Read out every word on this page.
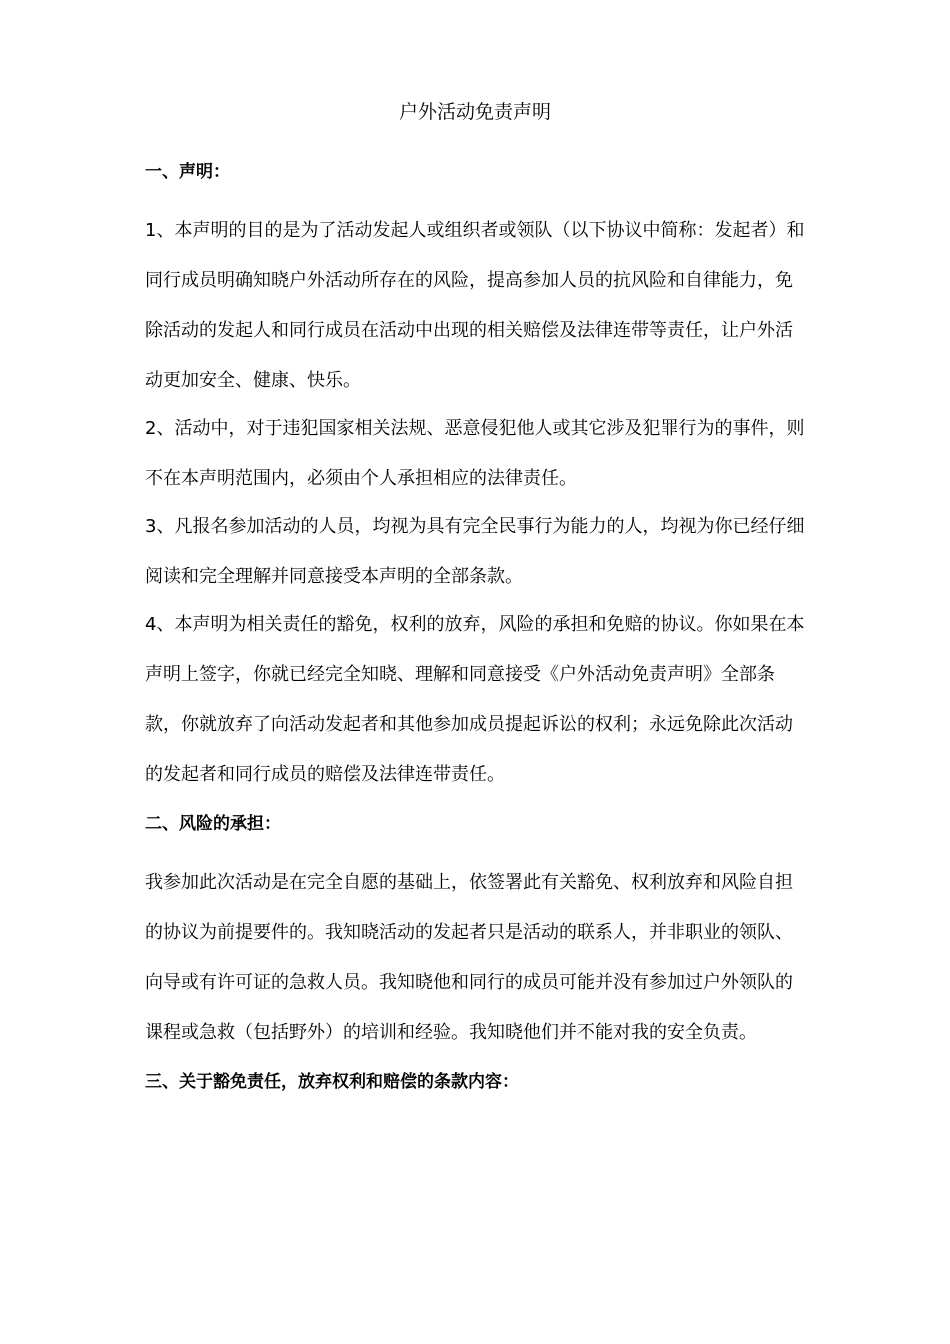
户外活动免责声明
一、声明：

1、本声明的目的是为了活动发起人或组织者或领队（以下协议中简称：发起者）和同行成员明确知晓户外活动所存在的风险，提高参加人员的抗风险和自律能力，免除活动的发起人和同行成员在活动中出现的相关赔偿及法律连带等责任，让户外活动更加安全、健康、快乐。

2、活动中，对于违犯国家相关法规、恶意侵犯他人或其它涉及犯罪行为的事件，则不在本声明范围内，必须由个人承担相应的法律责任。

3、凡报名参加活动的人员，均视为具有完全民事行为能力的人，均视为你已经仔细阅读和完全理解并同意接受本声明的全部条款。

4、本声明为相关责任的豁免，权利的放弃，风险的承担和免赔的协议。你如果在本声明上签字，你就已经完全知晓、理解和同意接受《户外活动免责声明》全部条款，你就放弃了向活动发起者和其他参加成员提起诉讼的权利；永远免除此次活动的发起者和同行成员的赔偿及法律连带责任。

二、风险的承担：

我参加此次活动是在完全自愿的基础上，依签署此有关豁免、权利放弃和风险自担的协议为前提要件的。我知晓活动的发起者只是活动的联系人，并非职业的领队、向导或有许可证的急救人员。我知晓他和同行的成员可能并没有参加过户外领队的课程或急救（包括野外）的培训和经验。我知晓他们并不能对我的安全负责。

三、关于豁免责任，放弃权利和赔偿的条款内容：
